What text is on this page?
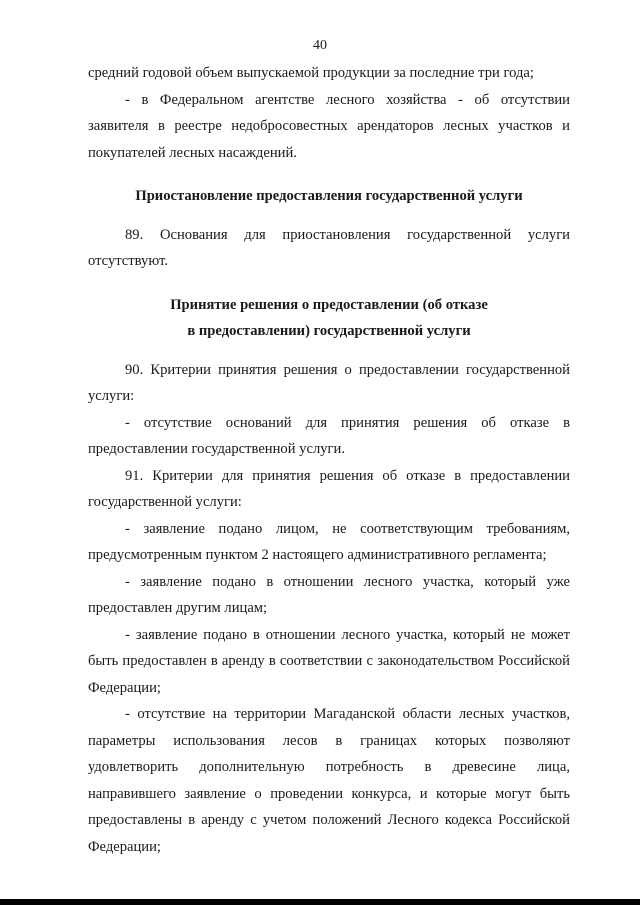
40

средний годовой объем выпускаемой продукции за последние три года;

- в Федеральном агентстве лесного хозяйства - об отсутствии заявителя в реестре недобросовестных арендаторов лесных участков и покупателей лесных насаждений.

Приостановление предоставления государственной услуги

89. Основания для приостановления государственной услуги отсутствуют.

Принятие решения о предоставлении (об отказе
в предоставлении) государственной услуги

90. Критерии принятия решения о предоставлении государственной услуги:

- отсутствие оснований для принятия решения об отказе в предоставлении государственной услуги.

91. Критерии для принятия решения об отказе в предоставлении государственной услуги:

- заявление подано лицом, не соответствующим требованиям, предусмотренным пунктом 2 настоящего административного регламента;

- заявление подано в отношении лесного участка, который уже предоставлен другим лицам;

- заявление подано в отношении лесного участка, который не может быть предоставлен в аренду в соответствии с законодательством Российской Федерации;

- отсутствие на территории Магаданской области лесных участков, параметры использования лесов в границах которых позволяют удовлетворить дополнительную потребность в древесине лица, направившего заявление о проведении конкурса, и которые могут быть предоставлены в аренду с учетом положений Лесного кодекса Российской Федерации;
